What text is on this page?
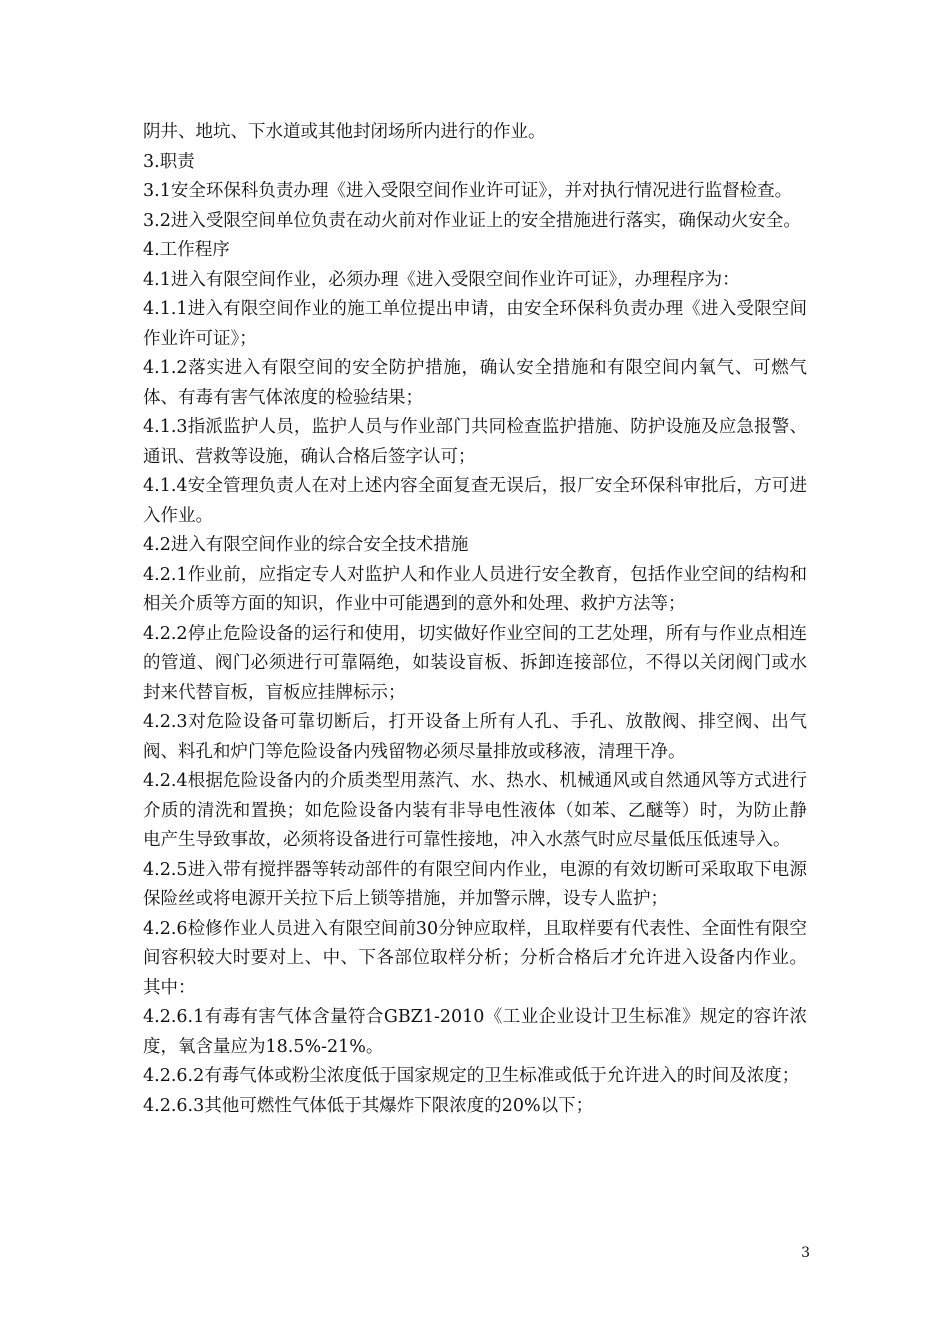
阴井、地坑、下水道或其他封闭场所内进行的作业。

3.职责

3.1安全环保科负责办理《进入受限空间作业许可证》，并对执行情况进行监督检查。

3.2进入受限空间单位负责在动火前对作业证上的安全措施进行落实，确保动火安全。

4.工作程序

4.1进入有限空间作业，必须办理《进入受限空间作业许可证》，办理程序为：

4.1.1进入有限空间作业的施工单位提出申请，由安全环保科负责办理《进入受限空间作业许可证》；

4.1.2落实进入有限空间的安全防护措施，确认安全措施和有限空间内氧气、可燃气体、有毒有害气体浓度的检验结果；

4.1.3指派监护人员，监护人员与作业部门共同检查监护措施、防护设施及应急报警、通讯、营救等设施，确认合格后签字认可；

4.1.4安全管理负责人在对上述内容全面复查无误后，报厂安全环保科审批后，方可进入作业。

4.2进入有限空间作业的综合安全技术措施

4.2.1作业前，应指定专人对监护人和作业人员进行安全教育，包括作业空间的结构和相关介质等方面的知识，作业中可能遇到的意外和处理、救护方法等；

4.2.2停止危险设备的运行和使用，切实做好作业空间的工艺处理，所有与作业点相连的管道、阀门必须进行可靠隔绝，如装设盲板、拆卸连接部位，不得以关闭阀门或水封来代替盲板，盲板应挂牌标示；

4.2.3对危险设备可靠切断后，打开设备上所有人孔、手孔、放散阀、排空阀、出气阀、料孔和炉门等危险设备内残留物必须尽量排放或移液，清理干净。

4.2.4根据危险设备内的介质类型用蒸汽、水、热水、机械通风或自然通风等方式进行介质的清洗和置换；如危险设备内装有非导电性液体（如苯、乙醚等）时，为防止静电产生导致事故，必须将设备进行可靠性接地，冲入水蒸气时应尽量低压低速导入。

4.2.5进入带有搅拌器等转动部件的有限空间内作业，电源的有效切断可采取取下电源保险丝或将电源开关拉下后上锁等措施，并加警示牌，设专人监护；

4.2.6检修作业人员进入有限空间前30分钟应取样，且取样要有代表性、全面性有限空间容积较大时要对上、中、下各部位取样分析；分析合格后才允许进入设备内作业。其中：

4.2.6.1有毒有害气体含量符合GBZ1-2010《工业企业设计卫生标准》规定的容许浓度，氧含量应为18.5%-21%。

4.2.6.2有毒气体或粉尘浓度低于国家规定的卫生标准或低于允许进入的时间及浓度；

4.2.6.3其他可燃性气体低于其爆炸下限浓度的20%以下；

3
